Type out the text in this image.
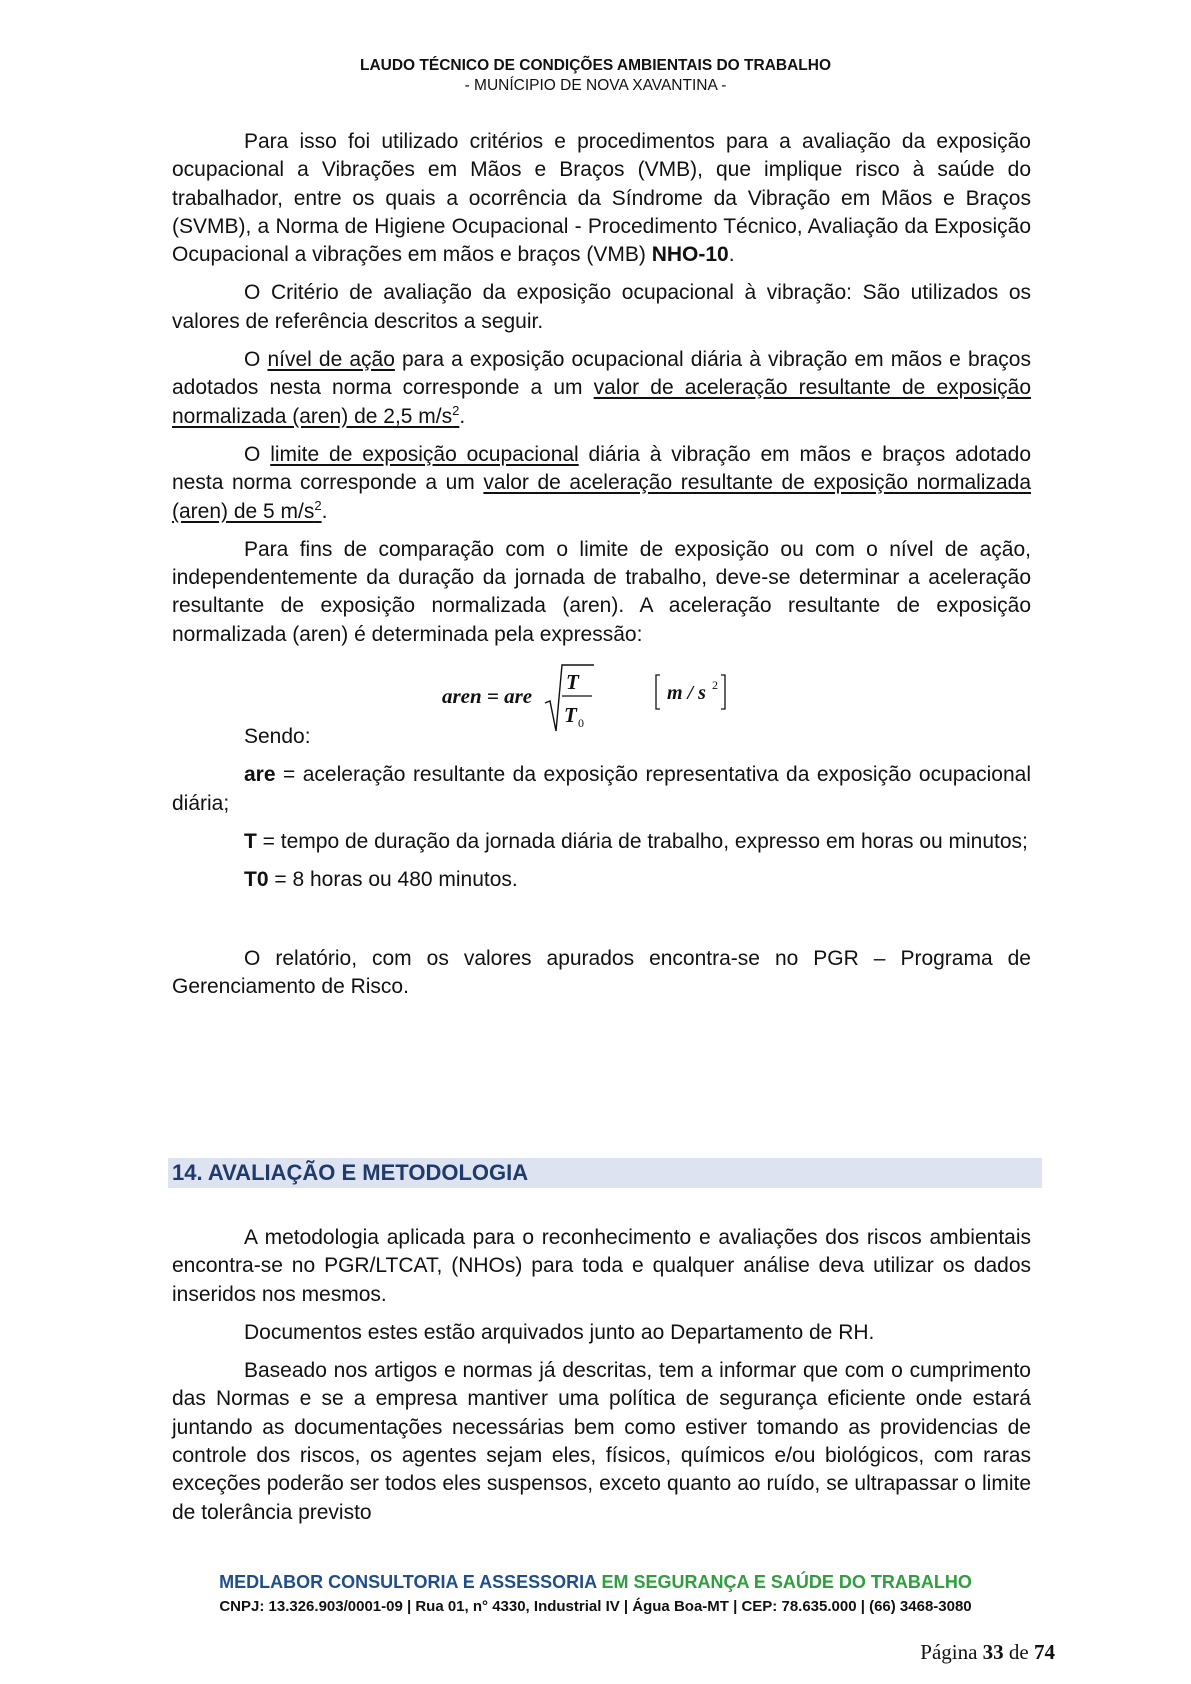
LAUDO TÉCNICO DE CONDIÇÕES AMBIENTAIS DO TRABALHO
- MUNÍCIPIO DE NOVA XAVANTINA -

Para isso foi utilizado critérios e procedimentos para a avaliação da exposição ocupacional a Vibrações em Mãos e Braços (VMB), que implique risco à saúde do trabalhador, entre os quais a ocorrência da Síndrome da Vibração em Mãos e Braços (SVMB), a Norma de Higiene Ocupacional - Procedimento Técnico, Avaliação da Exposição Ocupacional a vibrações em mãos e braços (VMB) NHO-10.

O Critério de avaliação da exposição ocupacional à vibração: São utilizados os valores de referência descritos a seguir.

O nível de ação para a exposição ocupacional diária à vibração em mãos e braços adotados nesta norma corresponde a um valor de aceleração resultante de exposição normalizada (aren) de 2,5 $m/s^2$.

O limite de exposição ocupacional diária à vibração em mãos e braços adotado nesta norma corresponde a um valor de aceleração resultante de exposição normalizada (aren) de 5 $m/s^2$.

Para fins de comparação com o limite de exposição ou com o nível de ação, independentemente da duração da jornada de trabalho, deve-se determinar a aceleração resultante de exposição normalizada (aren). A aceleração resultante de exposição normalizada (aren) é determinada pela expressão:

aren = are
T
T 0
m / s 2

Sendo:

are = aceleração resultante da exposição representativa da exposição ocupacional diária;

T = tempo de duração da jornada diária de trabalho, expresso em horas ou minutos;

T0 = 8 horas ou 480 minutos.

O relatório, com os valores apurados encontra-se no PGR – Programa de Gerenciamento de Risco.

14. AVALIAÇÃO E METODOLOGIA

A metodologia aplicada para o reconhecimento e avaliações dos riscos ambientais encontra-se no PGR/LTCAT, (NHOs) para toda e qualquer análise deva utilizar os dados inseridos nos mesmos.

Documentos estes estão arquivados junto ao Departamento de RH.

Baseado nos artigos e normas já descritas, tem a informar que com o cumprimento das Normas e se a empresa mantiver uma política de segurança eficiente onde estará juntando as documentações necessárias bem como estiver tomando as providencias de controle dos riscos, os agentes sejam eles, físicos, químicos e/ou biológicos, com raras exceções poderão ser todos eles suspensos, exceto quanto ao ruído, se ultrapassar o limite de tolerância previsto

MEDLABOR CONSULTORIA E ASSESSORIA EM SEGURANÇA E SAÚDE DO TRABALHO
CNPJ: 13.326.903/0001-09 | Rua 01, n° 4330, Industrial IV | Água Boa-MT | CEP: 78.635.000 | (66) 3468-3080
Página 33 de 74
